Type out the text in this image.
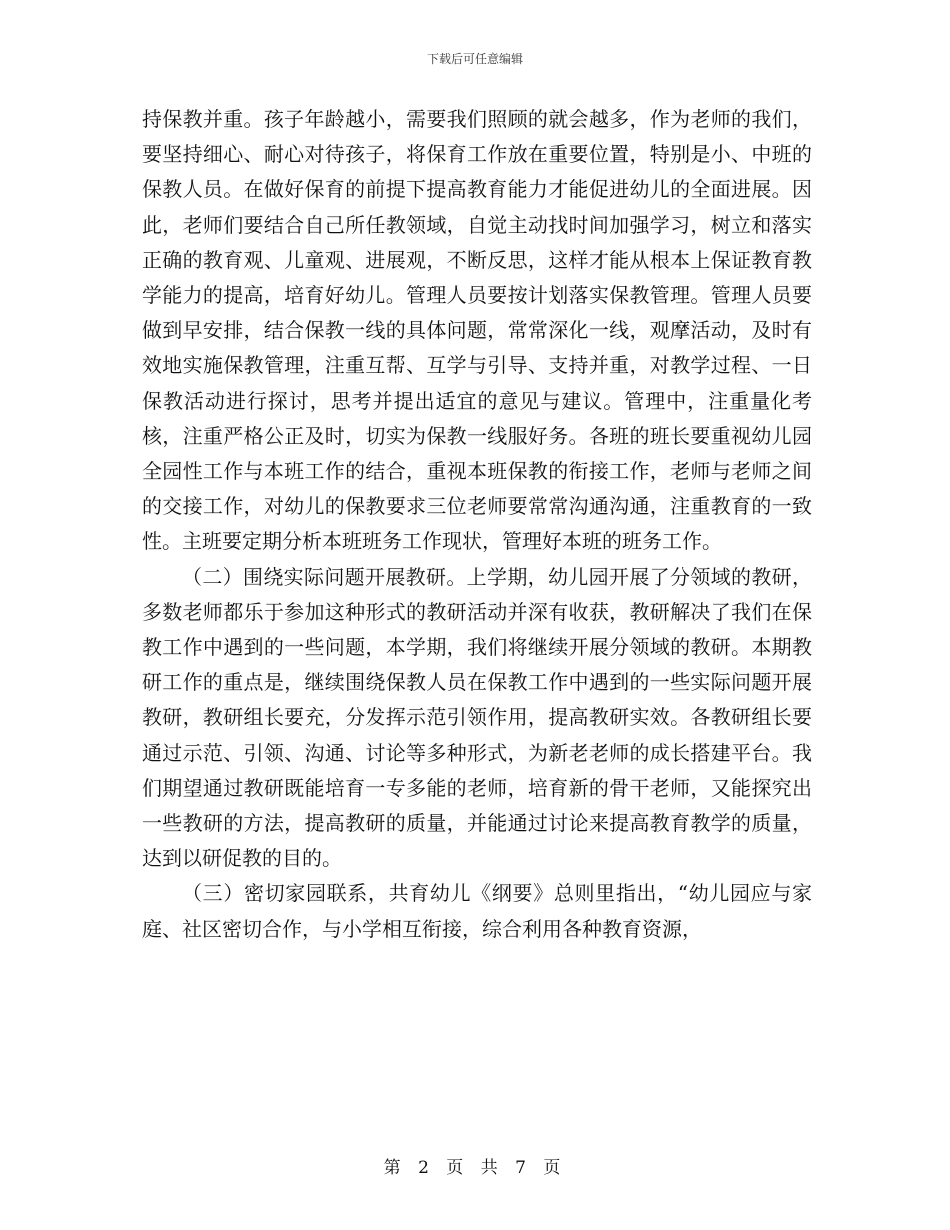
下载后可任意编辑

持保教并重。孩子年龄越小，需要我们照顾的就会越多，作为老师的我们，要坚持细心、耐心对待孩子，将保育工作放在重要位置，特别是小、中班的保教人员。在做好保育的前提下提高教育能力才能促进幼儿的全面进展。因此，老师们要结合自己所任教领域，自觉主动找时间加强学习，树立和落实正确的教育观、儿童观、进展观，不断反思，这样才能从根本上保证教育教学能力的提高，培育好幼儿。管理人员要按计划落实保教管理。管理人员要做到早安排，结合保教一线的具体问题，常常深化一线，观摩活动，及时有效地实施保教管理，注重互帮、互学与引导、支持并重，对教学过程、一日保教活动进行探讨，思考并提出适宜的意见与建议。管理中，注重量化考核，注重严格公正及时，切实为保教一线服好务。各班的班长要重视幼儿园全园性工作与本班工作的结合，重视本班保教的衔接工作，老师与老师之间的交接工作，对幼儿的保教要求三位老师要常常沟通沟通，注重教育的一致性。主班要定期分析本班班务工作现状，管理好本班的班务工作。

（二）围绕实际问题开展教研。上学期，幼儿园开展了分领域的教研，多数老师都乐于参加这种形式的教研活动并深有收获，教研解决了我们在保教工作中遇到的一些问题，本学期，我们将继续开展分领域的教研。本期教研工作的重点是，继续围绕保教人员在保教工作中遇到的一些实际问题开展教研，教研组长要充，分发挥示范引领作用，提高教研实效。各教研组长要通过示范、引领、沟通、讨论等多种形式，为新老老师的成长搭建平台。我们期望通过教研既能培育一专多能的老师，培育新的骨干老师，又能探究出一些教研的方法，提高教研的质量，并能通过讨论来提高教育教学的质量，达到以研促教的目的。

（三）密切家园联系，共育幼儿《纲要》总则里指出，“幼儿园应与家庭、社区密切合作，与小学相互衔接，综合利用各种教育资源，

第 2 页 共 7 页
